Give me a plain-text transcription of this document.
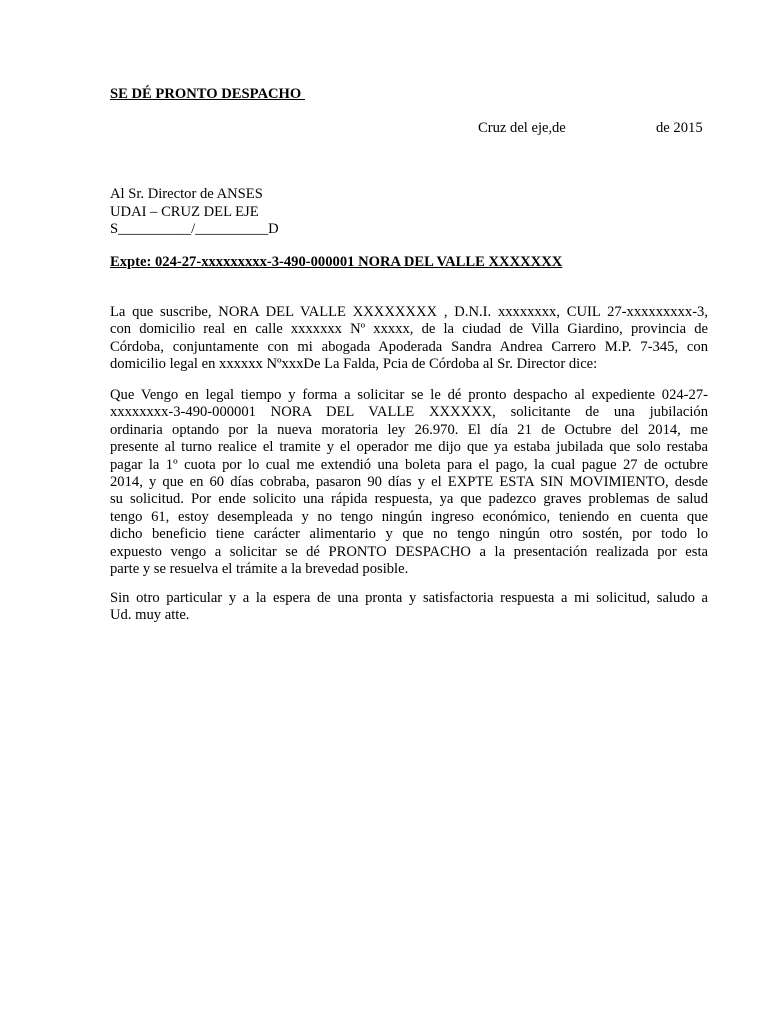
SE DÉ PRONTO DESPACHO
Cruz del eje, de	de 2015
Al Sr. Director de ANSES
UDAI – CRUZ DEL EJE
S__________/__________D
Expte: 024-27-xxxxxxxxx-3-490-000001 NORA DEL VALLE XXXXXXX
La que suscribe, NORA DEL VALLE XXXXXXXX , D.N.I. xxxxxxxx, CUIL 27-xxxxxxxxx-3,
con domicilio real en calle xxxxxxx Nº xxxxx, de la ciudad de Villa Giardino, provincia de
Córdoba, conjuntamente con mi abogada Apoderada Sandra Andrea Carrero M.P. 7-345, con
domicilio legal en xxxxxx NºxxxDe La Falda, Pcia de Córdoba al Sr. Director dice:
Que Vengo en legal tiempo y forma a solicitar se le dé pronto despacho al expediente 024-27-
xxxxxxxx-3-490-000001 NORA DEL VALLE XXXXXX, solicitante de una jubilación
ordinaria optando por la nueva moratoria ley 26.970. El día 21 de Octubre del 2014, me
presente al turno realice el tramite y el operador me dijo que ya estaba jubilada que solo restaba
pagar la 1º cuota por lo cual me extendió una boleta para el pago, la cual pague 27 de octubre
2014, y que en 60 días cobraba, pasaron 90 días y el EXPTE ESTA SIN MOVIMIENTO, desde
su solicitud. Por ende solicito una rápida respuesta, ya que padezco graves problemas de salud
tengo 61, estoy desempleada y no tengo ningún ingreso económico, teniendo en cuenta que
dicho beneficio tiene carácter alimentario y que no tengo ningún otro sostén, por todo lo
expuesto vengo a solicitar se dé PRONTO DESPACHO a la presentación realizada por esta
parte y se resuelva el trámite a la brevedad posible.
Sin otro particular y a la espera de una pronta y satisfactoria respuesta a mi solicitud, saludo a
Ud. muy atte.
